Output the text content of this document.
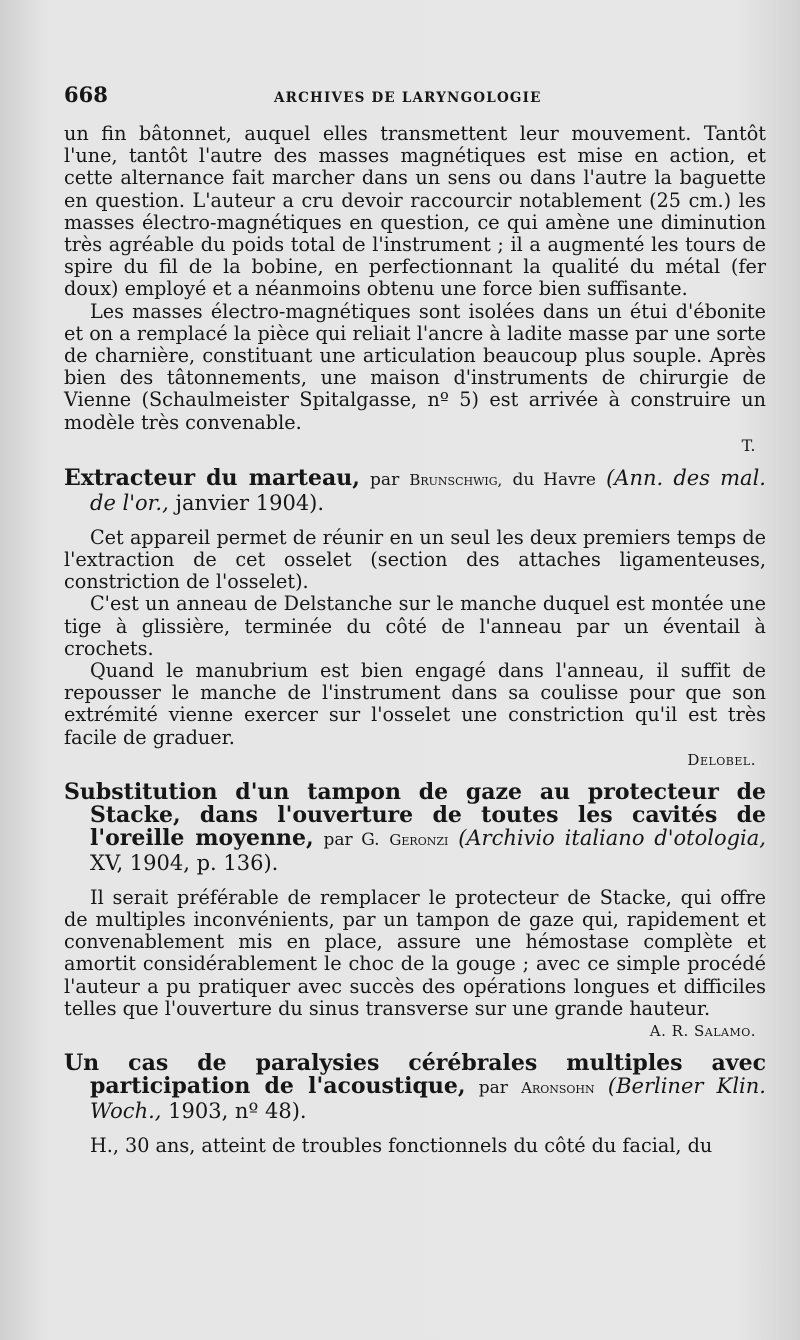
668	ARCHIVES DE LARYNGOLOGIE

un fin bâtonnet, auquel elles transmettent leur mouvement. Tantôt l'une, tantôt l'autre des masses magnétiques est mise en action, et cette alternance fait marcher dans un sens ou dans l'autre la baguette en question. L'auteur a cru devoir raccourcir notablement (25 cm.) les masses électro-magnétiques en question, ce qui amène une diminution très agréable du poids total de l'instrument ; il a augmenté les tours de spire du fil de la bobine, en perfectionnant la qualité du métal (fer doux) employé et a néanmoins obtenu une force bien suffisante.

Les masses électro-magnétiques sont isolées dans un étui d'ébonite et on a remplacé la pièce qui reliait l'ancre à ladite masse par une sorte de charnière, constituant une articulation beaucoup plus souple. Après bien des tâtonnements, une maison d'instruments de chirurgie de Vienne (Schaulmeister Spitalgasse, nº 5) est arrivée à construire un modèle très convenable.

T.
Extracteur du marteau, par Brunschwig, du Havre (Ann. des mal. de l'or., janvier 1904).

Cet appareil permet de réunir en un seul les deux premiers temps de l'extraction de cet osselet (section des attaches ligamenteuses, constriction de l'osselet).

C'est un anneau de Delstanche sur le manche duquel est montée une tige à glissière, terminée du côté de l'anneau par un éventail à crochets.

Quand le manubrium est bien engagé dans l'anneau, il suffit de repousser le manche de l'instrument dans sa coulisse pour que son extrémité vienne exercer sur l'osselet une constriction qu'il est très facile de graduer.

Delobel.
Substitution d'un tampon de gaze au protecteur de Stacke, dans l'ouverture de toutes les cavités de l'oreille moyenne, par G. Geronzi (Archivio italiano d'otologia, XV, 1904, p. 136).

Il serait préférable de remplacer le protecteur de Stacke, qui offre de multiples inconvénients, par un tampon de gaze qui, rapidement et convenablement mis en place, assure une hémostase complète et amortit considérablement le choc de la gouge ; avec ce simple procédé l'auteur a pu pratiquer avec succès des opérations longues et difficiles telles que l'ouverture du sinus transverse sur une grande hauteur.

A. R. Salamo.
Un cas de paralysies cérébrales multiples avec participation de l'acoustique, par Aronsohn (Berliner Klin. Woch., 1903, nº 48).

H., 30 ans, atteint de troubles fonctionnels du côté du facial, du
